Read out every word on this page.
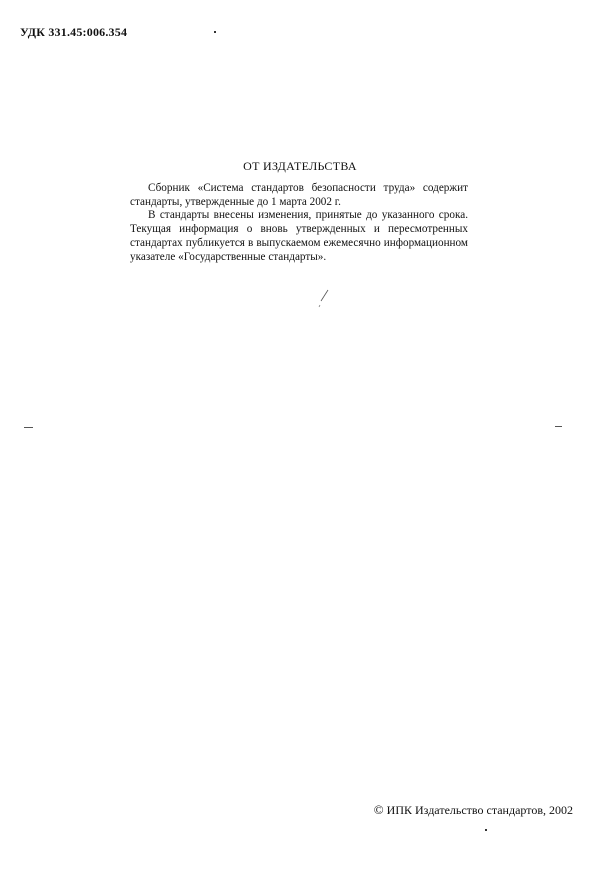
УДК 331.45:006.354
ОТ ИЗДАТЕЛЬСТВА

Сборник «Система стандартов безопасности труда» содержит стандарты, утвержденные до 1 марта 2002 г.

В стандарты внесены изменения, принятые до указанного срока. Текущая информация о вновь утвержденных и пересмотренных стандартах публикуется в выпускаемом ежемесячно информационном указателе «Государственные стандарты».

© ИПК Издательство стандартов, 2002
